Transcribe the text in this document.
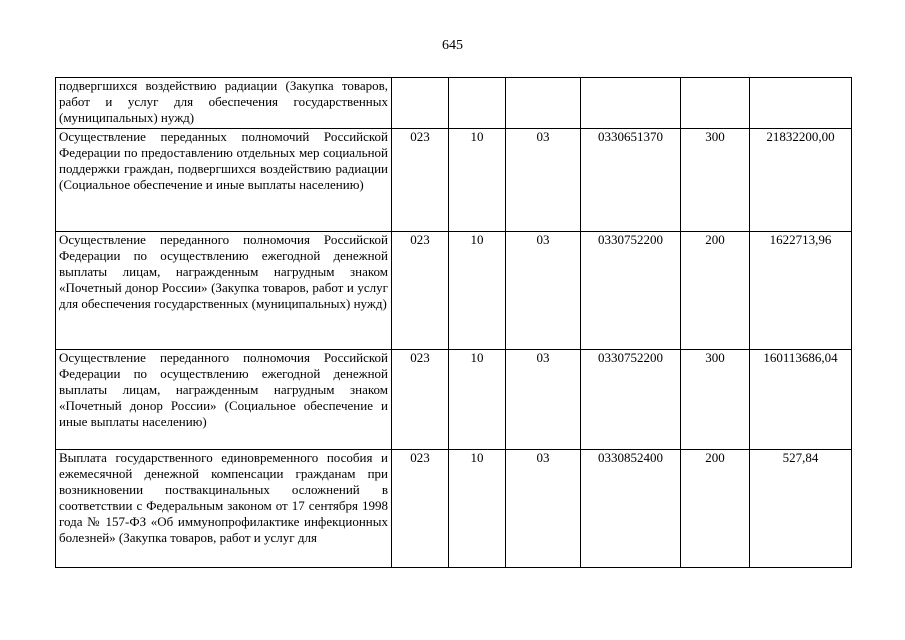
645
подвергшихся воздействию радиации (Закупка товаров, работ и услуг для обеспечения государственных (муниципальных) нужд)						
Осуществление переданных полномочий Российской Федерации по предоставлению отдельных мер социальной поддержки граждан, подвергшихся воздействию радиации (Социальное обеспечение и иные выплаты населению)	023	10	03	0330651370	300	21832200,00
Осуществление переданного полномочия Российской Федерации по осуществлению ежегодной денежной выплаты лицам, награжденным нагрудным знаком «Почетный донор России» (Закупка товаров, работ и услуг для обеспечения государственных (муниципальных) нужд)	023	10	03	0330752200	200	1622713,96
Осуществление переданного полномочия Российской Федерации по осуществлению ежегодной денежной выплаты лицам, награжденным нагрудным знаком «Почетный донор России» (Социальное обеспечение и иные выплаты населению)	023	10	03	0330752200	300	160113686,04
Выплата государственного единовременного пособия и ежемесячной денежной компенсации гражданам при возникновении поствакцинальных осложнений в соответствии с Федеральным законом от 17 сентября 1998 года № 157-ФЗ «Об иммунопрофилактике инфекционных болезней» (Закупка товаров, работ и услуг для	023	10	03	0330852400	200	527,84
